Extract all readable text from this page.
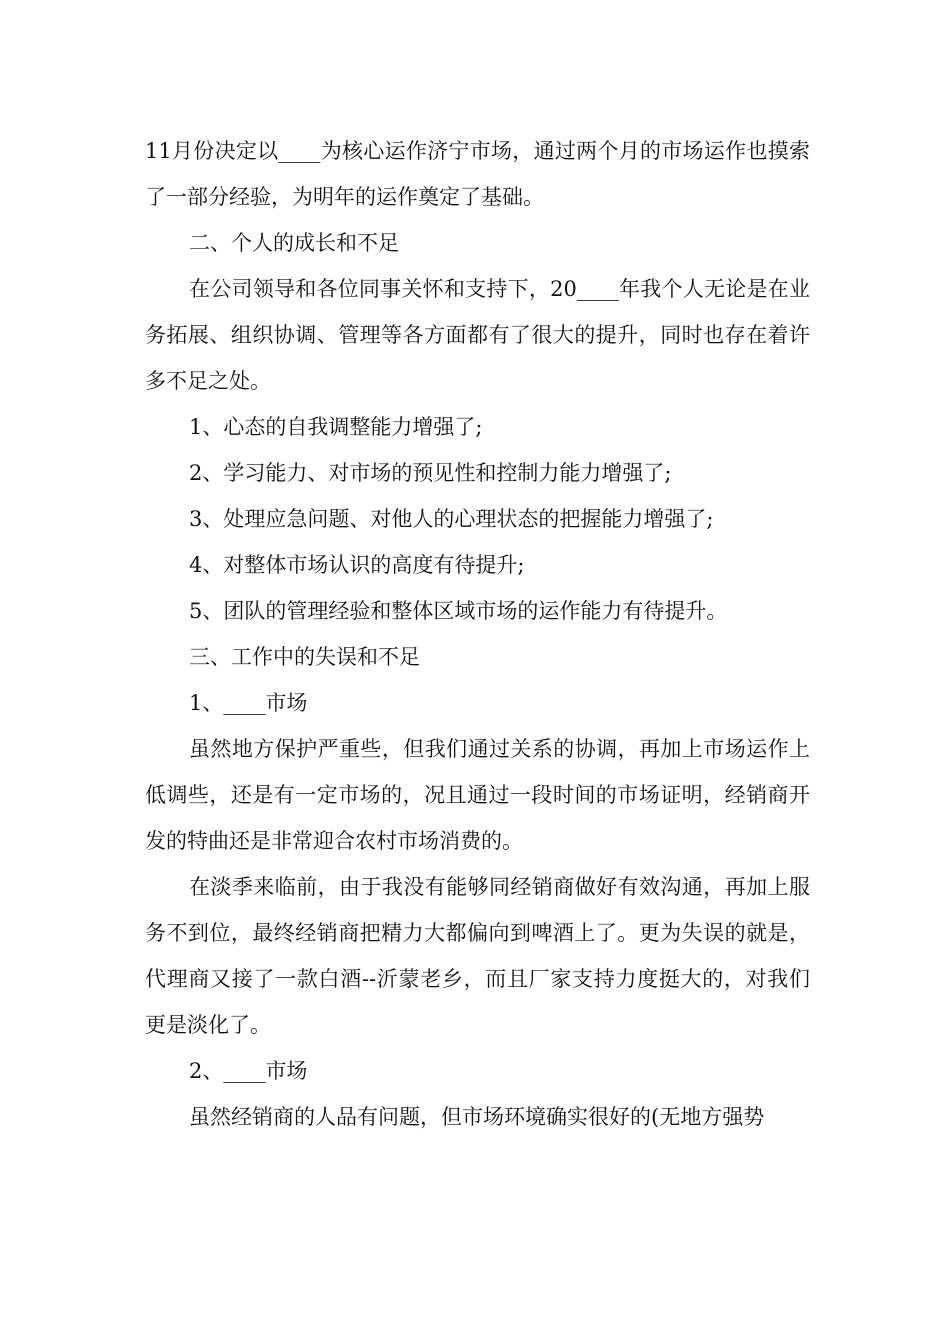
11月份决定以____为核心运作济宁市场，通过两个月的市场运作也摸索了一部分经验，为明年的运作奠定了基础。

二、个人的成长和不足

在公司领导和各位同事关怀和支持下，20____年我个人无论是在业务拓展、组织协调、管理等各方面都有了很大的提升，同时也存在着许多不足之处。

1、心态的自我调整能力增强了;

2、学习能力、对市场的预见性和控制力能力增强了;

3、处理应急问题、对他人的心理状态的把握能力增强了;

4、对整体市场认识的高度有待提升;

5、团队的管理经验和整体区域市场的运作能力有待提升。

三、工作中的失误和不足

1、____市场

虽然地方保护严重些，但我们通过关系的协调，再加上市场运作上低调些，还是有一定市场的，况且通过一段时间的市场证明，经销商开发的特曲还是非常迎合农村市场消费的。

在淡季来临前，由于我没有能够同经销商做好有效沟通，再加上服务不到位，最终经销商把精力大都偏向到啤酒上了。更为失误的就是，代理商又接了一款白酒--沂蒙老乡，而且厂家支持力度挺大的，对我们更是淡化了。

2、____市场

虽然经销商的人品有问题，但市场环境确实很好的(无地方强势
